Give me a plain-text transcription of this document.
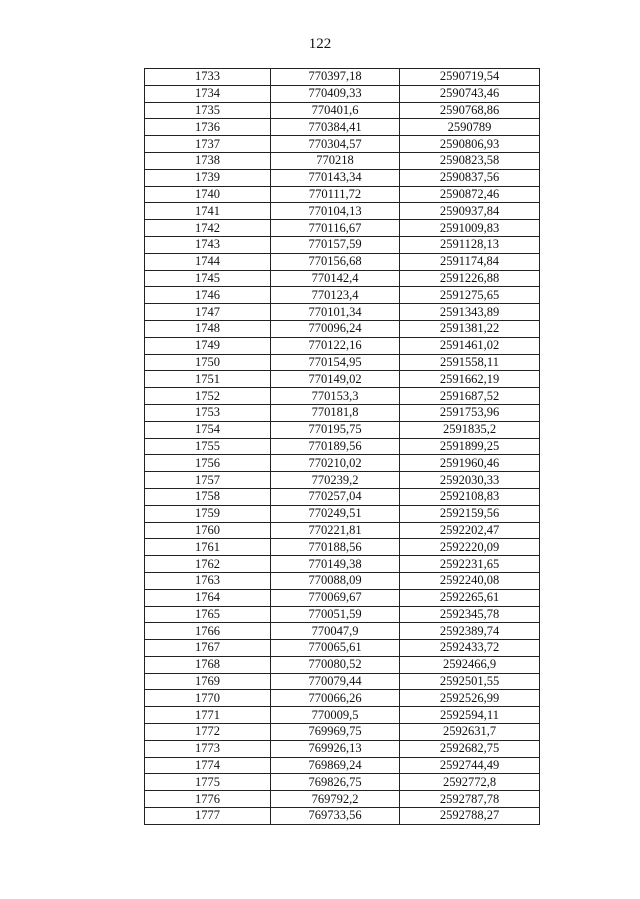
122
1733	770397,18	2590719,54
1734	770409,33	2590743,46
1735	770401,6	2590768,86
1736	770384,41	2590789
1737	770304,57	2590806,93
1738	770218	2590823,58
1739	770143,34	2590837,56
1740	770111,72	2590872,46
1741	770104,13	2590937,84
1742	770116,67	2591009,83
1743	770157,59	2591128,13
1744	770156,68	2591174,84
1745	770142,4	2591226,88
1746	770123,4	2591275,65
1747	770101,34	2591343,89
1748	770096,24	2591381,22
1749	770122,16	2591461,02
1750	770154,95	2591558,11
1751	770149,02	2591662,19
1752	770153,3	2591687,52
1753	770181,8	2591753,96
1754	770195,75	2591835,2
1755	770189,56	2591899,25
1756	770210,02	2591960,46
1757	770239,2	2592030,33
1758	770257,04	2592108,83
1759	770249,51	2592159,56
1760	770221,81	2592202,47
1761	770188,56	2592220,09
1762	770149,38	2592231,65
1763	770088,09	2592240,08
1764	770069,67	2592265,61
1765	770051,59	2592345,78
1766	770047,9	2592389,74
1767	770065,61	2592433,72
1768	770080,52	2592466,9
1769	770079,44	2592501,55
1770	770066,26	2592526,99
1771	770009,5	2592594,11
1772	769969,75	2592631,7
1773	769926,13	2592682,75
1774	769869,24	2592744,49
1775	769826,75	2592772,8
1776	769792,2	2592787,78
1777	769733,56	2592788,27
